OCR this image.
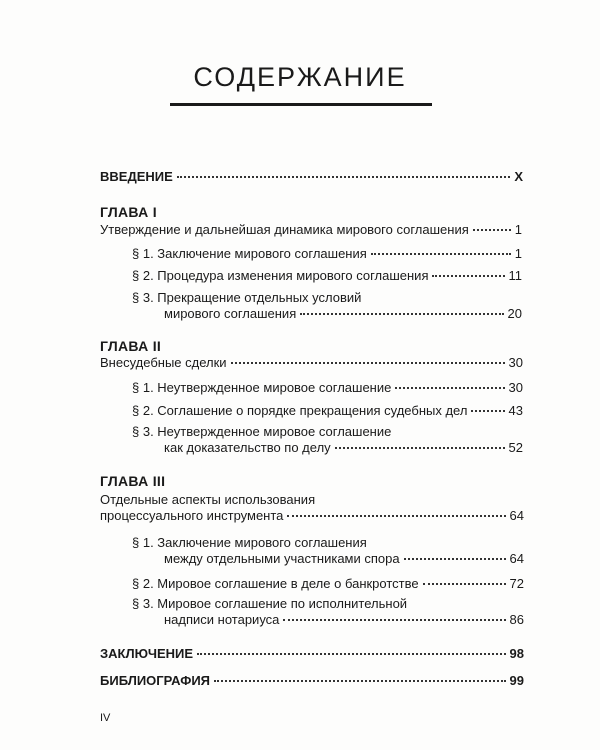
СОДЕРЖАНИЕ
ВВЕДЕНИЕ	X
ГЛАВА I
Утверждение и дальнейшая динамика мирового соглашения	1
§ 1. Заключение мирового соглашения	1
§ 2. Процедура изменения мирового соглашения	11
§ 3. Прекращение отдельных условий
мирового соглашения	20
ГЛАВА II
Внесудебные сделки	30
§ 1. Неутвержденное мировое соглашение	30
§ 2. Соглашение о порядке прекращения судебных дел	43
§ 3. Неутвержденное мировое соглашение
как доказательство по делу	52
ГЛАВА III
Отдельные аспекты использования
процессуального инструмента	64
§ 1. Заключение мирового соглашения
между отдельными участниками спора	64
§ 2. Мировое соглашение в деле о банкротстве	72
§ 3. Мировое соглашение по исполнительной
надписи нотариуса	86
ЗАКЛЮЧЕНИЕ	98
БИБЛИОГРАФИЯ	99
IV
